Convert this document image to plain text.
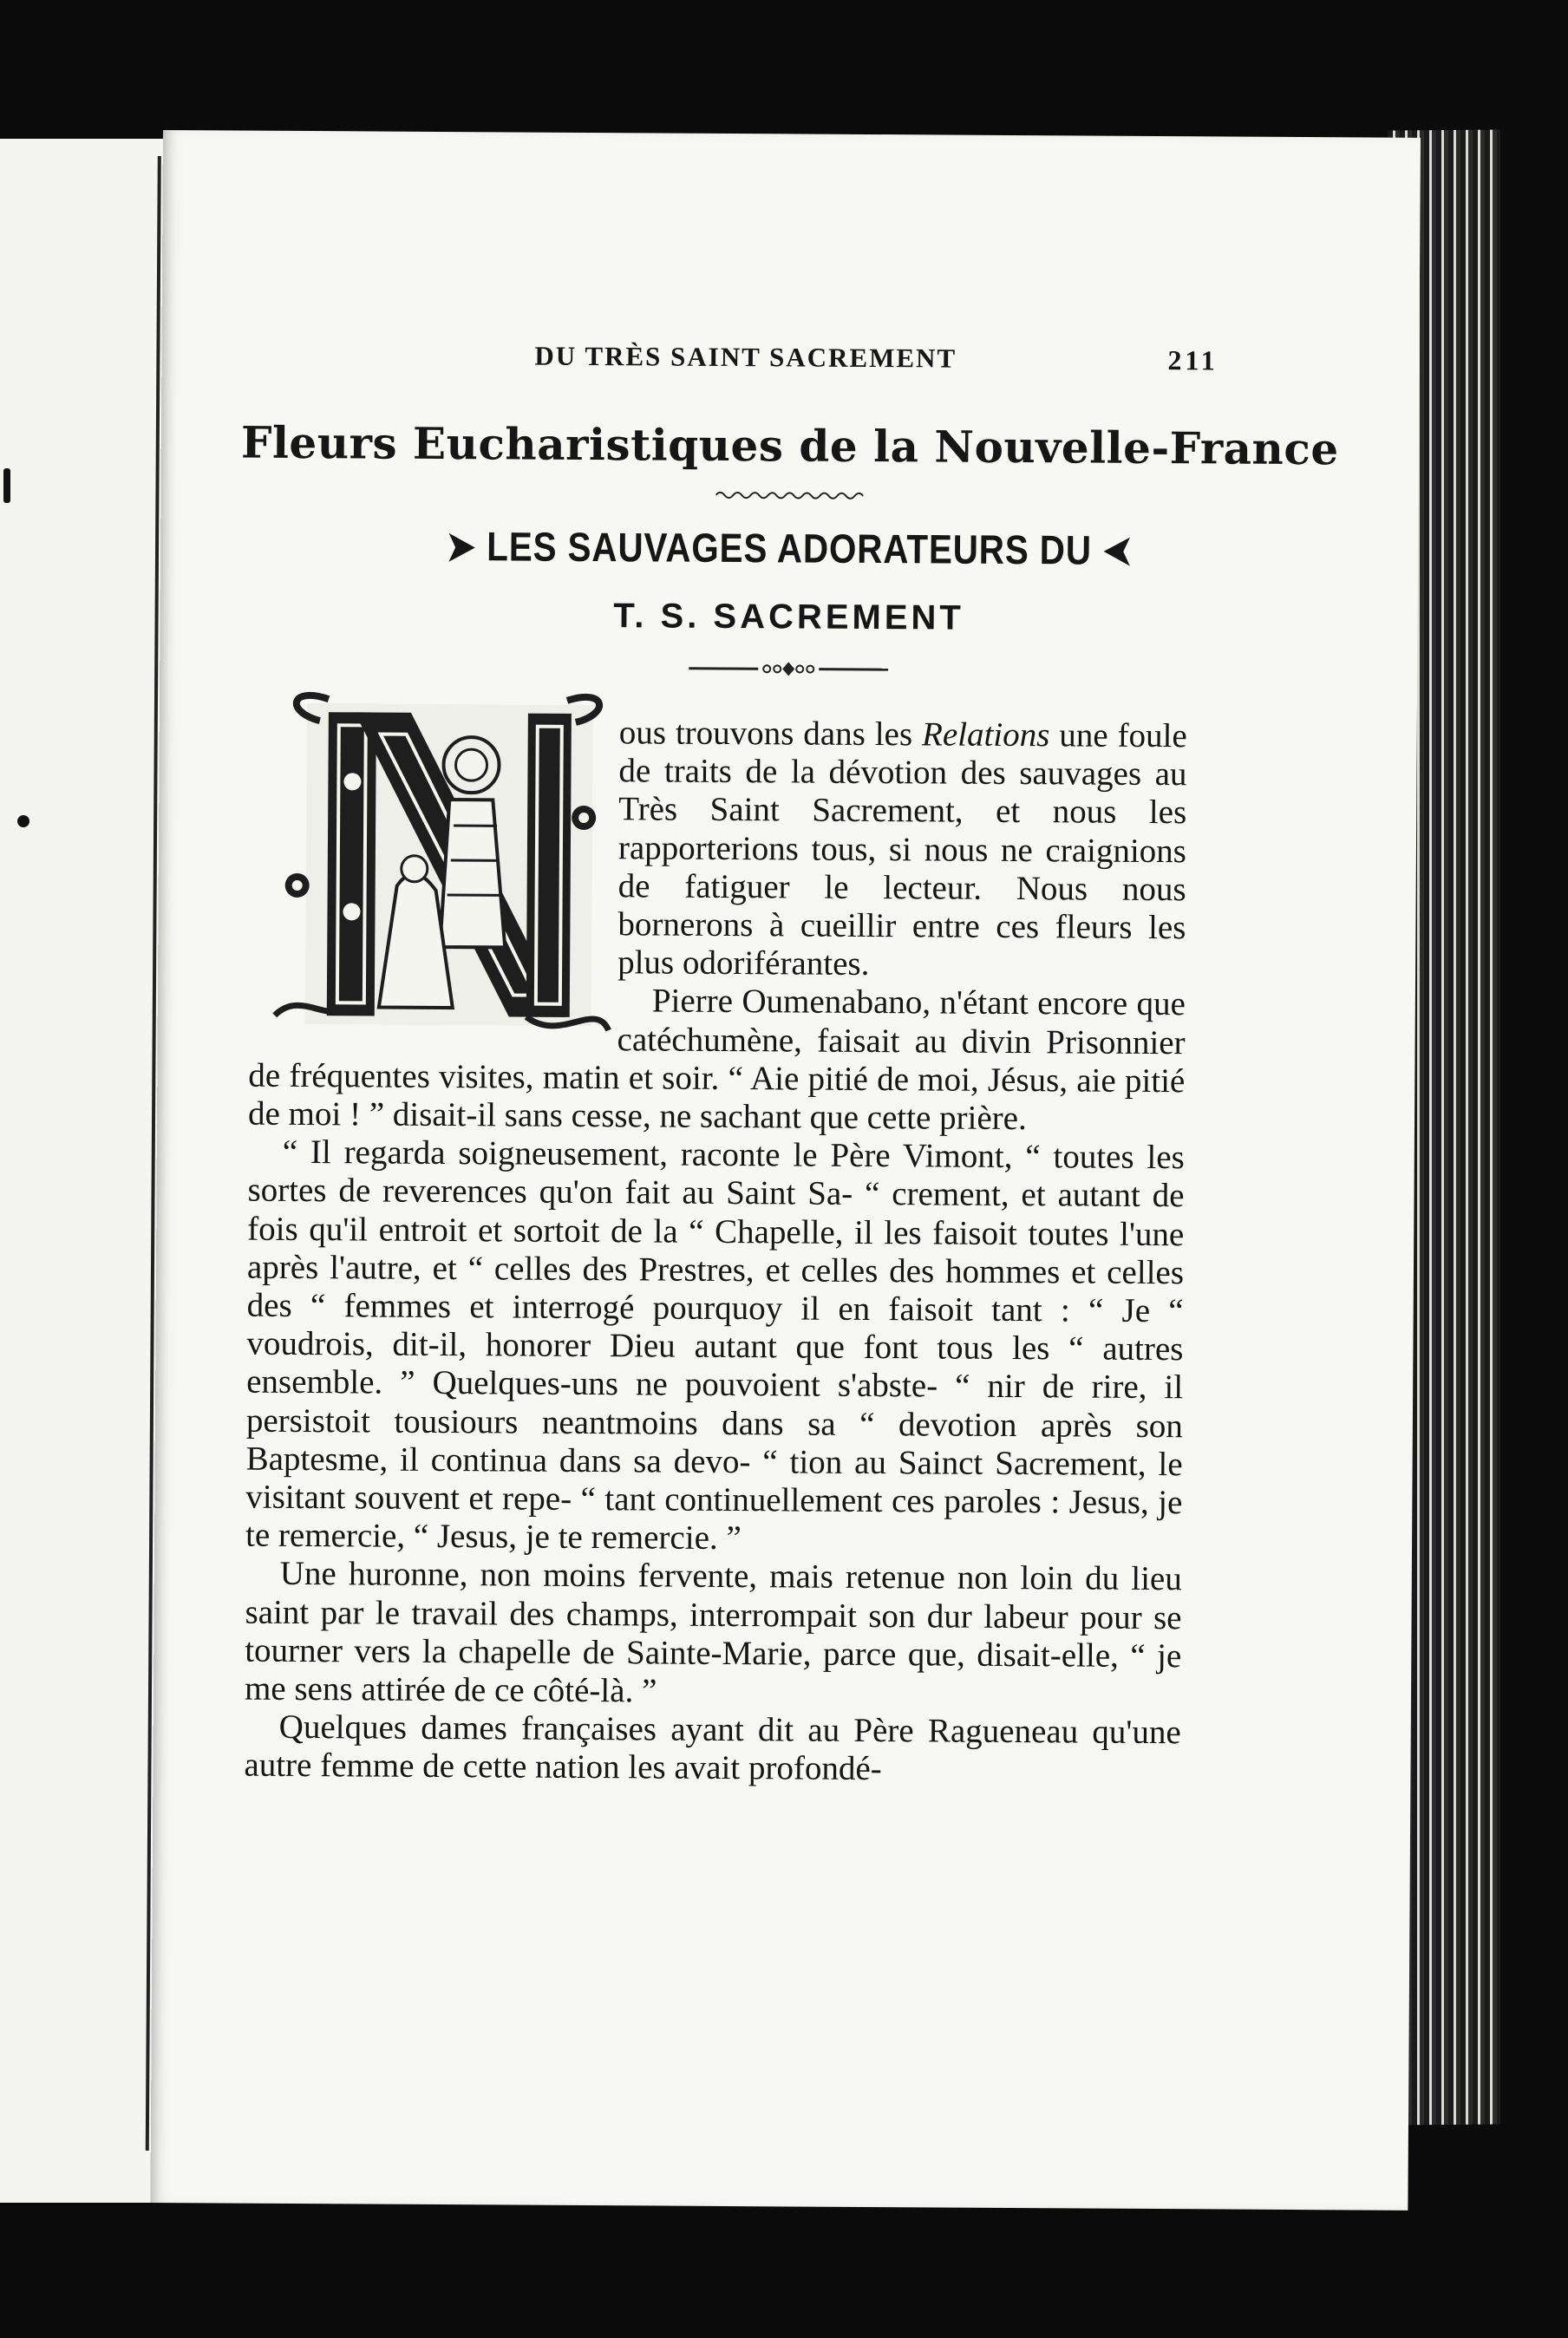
DU TRÈS SAINT SACREMENT	211
Fleurs Eucharistiques de la Nouvelle-France
➤ LES SAUVAGES ADORATEURS DU ➤
T. S. SACREMENT

ous trouvons dans les Relations une foule de traits de la dévotion des sauvages au Très Saint Sacrement, et nous les rapporterions tous, si nous ne craignions de fatiguer le lecteur. Nous nous bornerons à cueillir entre ces fleurs les plus odoriférantes.

Pierre Oumenabano, n'étant encore que catéchumène, faisait au divin Prisonnier de fréquentes visites, matin et soir. “ Aie pitié de moi, Jésus, aie pitié de moi ! ” disait-il sans cesse, ne sachant que cette prière.

“ Il regarda soigneusement, raconte le Père Vimont, “ toutes les sortes de reverences qu'on fait au Saint Sa- “ crement, et autant de fois qu'il entroit et sortoit de la “ Chapelle, il les faisoit toutes l'une après l'autre, et “ celles des Prestres, et celles des hommes et celles des “ femmes et interrogé pourquoy il en faisoit tant : “ Je “ voudrois, dit-il, honorer Dieu autant que font tous les “ autres ensemble. ” Quelques-uns ne pouvoient s'abste- “ nir de rire, il persistoit tousiours neantmoins dans sa “ devotion après son Baptesme, il continua dans sa devo- “ tion au Sainct Sacrement, le visitant souvent et repe- “ tant continuellement ces paroles : Jesus, je te remercie, “ Jesus, je te remercie. ”

Une huronne, non moins fervente, mais retenue non loin du lieu saint par le travail des champs, interrompait son dur labeur pour se tourner vers la chapelle de Sainte-Marie, parce que, disait-elle, “ je me sens attirée de ce côté-là. ”

Quelques dames françaises ayant dit au Père Ragueneau qu'une autre femme de cette nation les avait profondé-
